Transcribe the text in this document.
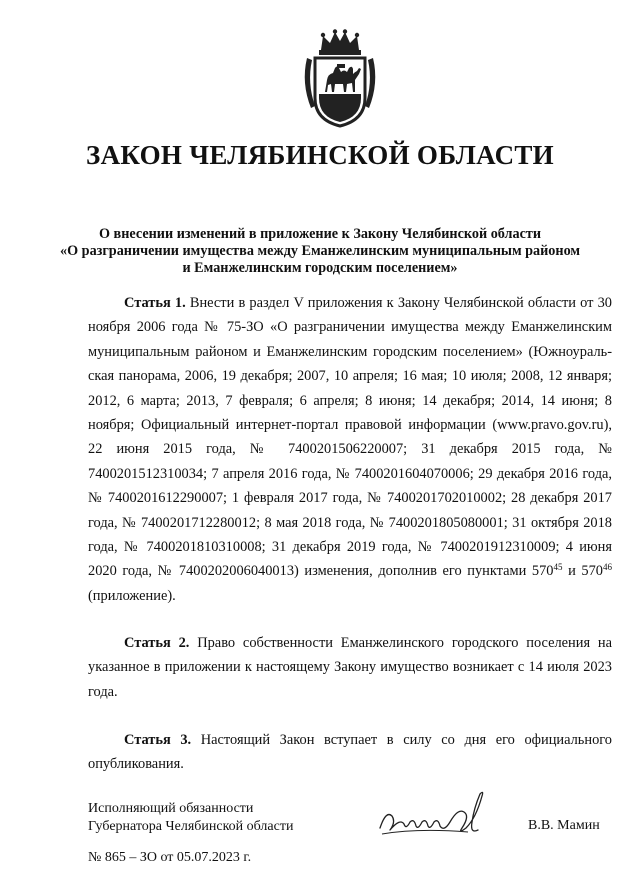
ЗАКОН ЧЕЛЯБИНСКОЙ ОБЛАСТИ
О внесении изменений в приложение к Закону Челябинской области
«О разграничении имущества между Еманжелинским муниципальным районом
и Еманжелинским городским поселением»
Статья 1. Внести в раздел V приложения к Закону Челябинской области от 30 ноября 2006 года № 75-ЗО «О разграничении имущества между Еманжелинским муниципальным районом и Еманжелинским городским поселением» (Южноураль-ская панорама, 2006, 19 декабря; 2007, 10 апреля; 16 мая; 10 июля; 2008, 12 января; 2012, 6 марта; 2013, 7 февраля; 6 апреля; 8 июня; 14 декабря; 2014, 14 июня; 8 ноября; Официальный интернет-портал правовой информации (www.pravo.gov.ru), 22 июня 2015 года, № 7400201506220007; 31 декабря 2015 года, № 7400201512310034; 7 апреля 2016 года, № 7400201604070006; 29 декабря 2016 года, № 7400201612290007; 1 февраля 2017 года, № 7400201702010002; 28 декабря 2017 года, № 7400201712280012; 8 мая 2018 года, № 7400201805080001; 31 октября 2018 года, № 7400201810310008; 31 декабря 2019 года, № 7400201912310009; 4 июня 2020 года, № 7400202006040013) изменения, дополнив его пунктами $570^{45}$ и $570^{46}$ (приложение).
Статья 2. Право собственности Еманжелинского городского поселения на указанное в приложении к настоящему Закону имущество возникает с 14 июля 2023 года.
Статья 3. Настоящий Закон вступает в силу со дня его официального опубликования.
Исполняющий обязанности
Губернатора Челябинской области	В.В. Мамин
№ 865 – ЗО от 05.07.2023 г.
